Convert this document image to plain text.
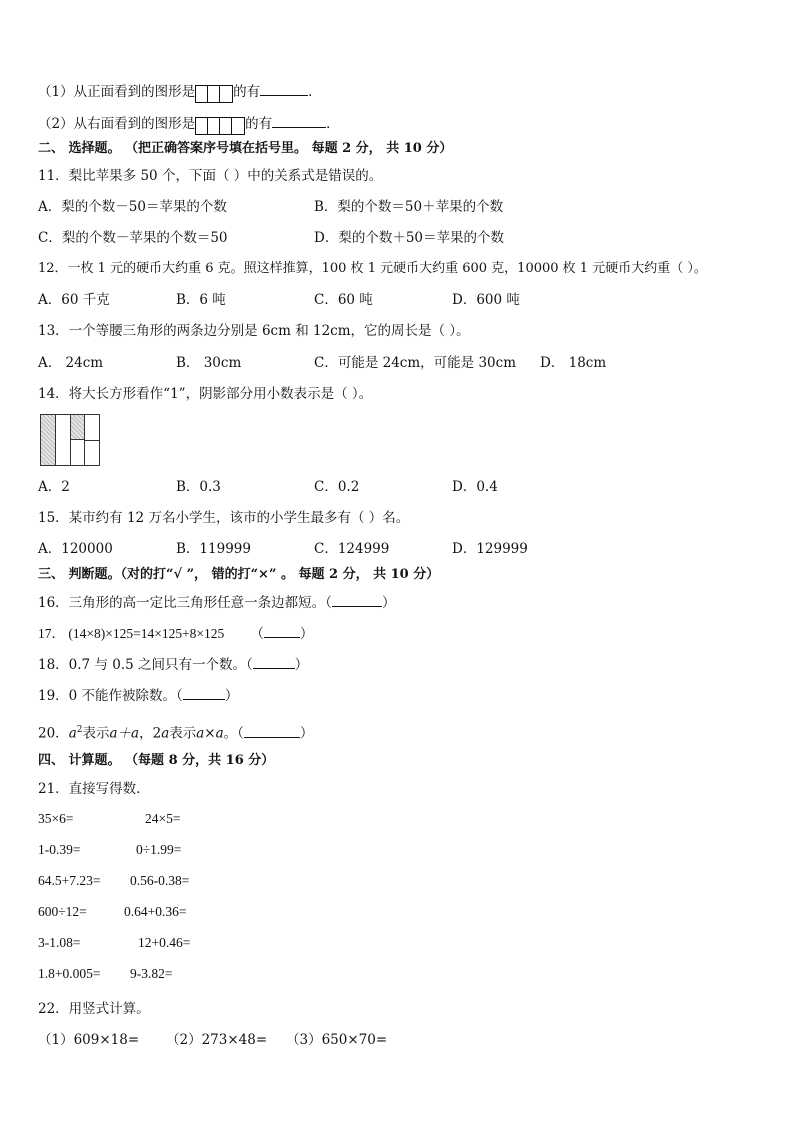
（1）从正面看到的图形是	的有	．
（2）从右面看到的图形是	的有	．
二、 选择题。 （把正确答案序号填在括号里。 每题 2 分， 共 10 分）
11．梨比苹果多 50 个，下面（ ）中的关系式是错误的。
A．梨的个数－50＝苹果的个数	B．梨的个数＝50＋苹果的个数
C．梨的个数－苹果的个数＝50	D．梨的个数＋50＝苹果的个数
12．一枚 1 元的硬币大约重 6 克。照这样推算，100 枚 1 元硬币大约重 600 克，10000 枚 1 元硬币大约重（ ）。
A．60 千克	B．6 吨	C．60 吨	D．600 吨
13．一个等腰三角形的两条边分别是 6cm 和 12cm，它的周长是（ ）。
A． 24cm	B． 30cm	C．可能是 24cm，可能是 30cm D． 18cm
14．将大长方形看作“1”，阴影部分用小数表示是（ ）。
A．2	B．0.3	C．0.2	D．0.4
15．某市约有 12 万名小学生，该市的小学生最多有（ ）名。
A．120000	B．119999	C．124999	D．129999
三、 判断题。（对的打“√ ”， 错的打“×” 。 每题 2 分， 共 10 分）
16．三角形的高一定比三角形任意一条边都短。（	）
17． (14×8)×125=14×125+8×125 （	）
18．0.7 与 0.5 之间只有一个数。（	）
19．0 不能作被除数。（	）
20．$a^2$表示a＋a，2a表示a×a。（	）
四、 计算题。 （每题 8 分，共 16 分）
21．直接写得数．
35×6=	24×5=
1-0.39=	0÷1.99=
64.5+7.23= 0.56-0.38=
600÷12=	0.64+0.36=
3-1.08=	12+0.46=
1.8+0.005= 9-3.82=
22．用竖式计算。
（1）609×18= （2）273×48= （3）650×70=
